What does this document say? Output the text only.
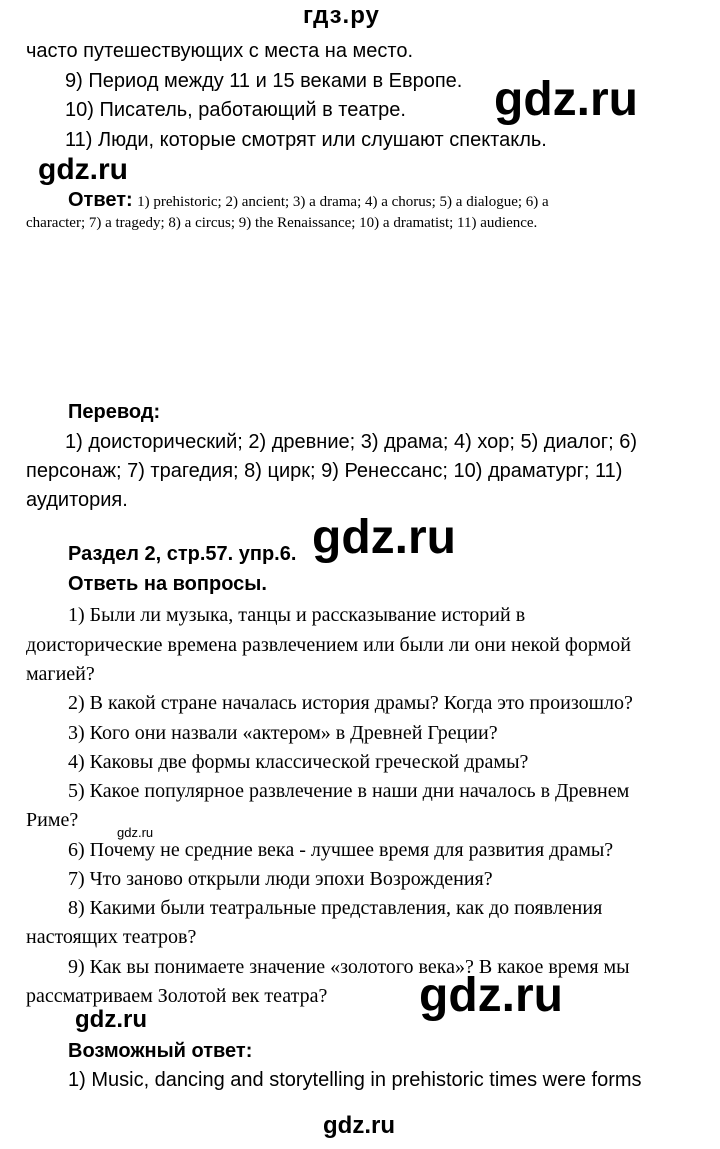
гдз.ру
часто путешествующих с места на место.
9) Период между 11 и 15 веками в Европе.
10) Писатель, работающий в театре.
11) Люди, которые смотрят или слушают спектакль.
gdz.ru
gdz.ru
Ответ: 1) prehistoric; 2) ancient; 3) a drama; 4) a chorus; 5) a dialogue; 6) a
character; 7) a tragedy; 8) a circus; 9) the Renaissance; 10) a dramatist; 11) audience.
Перевод:
1) доисторический; 2) древние; 3) драма; 4) хор; 5) диалог; 6)
персонаж; 7) трагедия; 8) цирк; 9) Ренессанс; 10) драматург; 11)
аудитория.
gdz.ru
Раздел 2, стр.57. упр.6.
Ответь на вопросы.
1) Были ли музыка, танцы и рассказывание историй в
доисторические времена развлечением или были ли они некой формой
магией?
2) В какой стране началась история драмы? Когда это произошло?
3) Кого они назвали «актером» в Древней Греции?
4) Каковы две формы классической греческой драмы?
5) Какое популярное развлечение в наши дни началось в Древнем
Риме?
gdz.ru
6) Почему не средние века - лучшее время для развития драмы?
7) Что заново открыли люди эпохи Возрождения?
8) Какими были театральные представления, как до появления
настоящих театров?
9) Как вы понимаете значение «золотого века»? В какое время мы
рассматриваем Золотой век театра? gdz.ru
gdz.ru
Возможный ответ:
1) Music, dancing and storytelling in prehistoric times were forms
gdz.ru
